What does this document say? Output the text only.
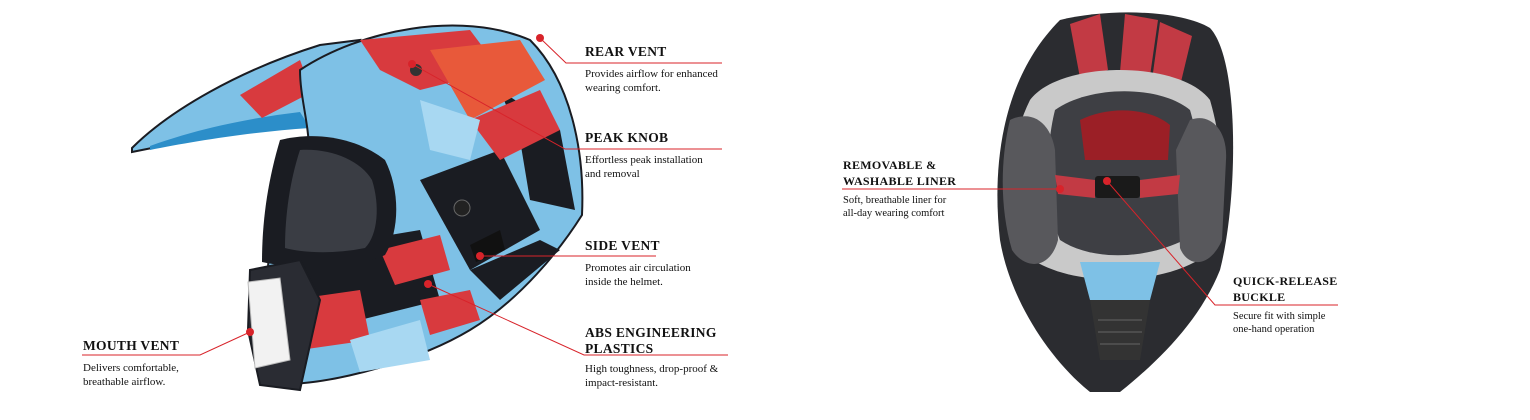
REAR VENT
Provides airflow for enhanced
wearing comfort.
PEAK KNOB
Effortless peak installation
and removal
SIDE VENT
Promotes air circulation
inside the helmet.
ABS ENGINEERING
PLASTICS
High toughness, drop-proof &
impact-resistant.
MOUTH VENT
Delivers comfortable,
breathable airflow.
REMOVABLE &
WASHABLE LINER
Soft, breathable liner for
all-day wearing comfort
QUICK-RELEASE
BUCKLE
Secure fit with simple
one-hand operation
